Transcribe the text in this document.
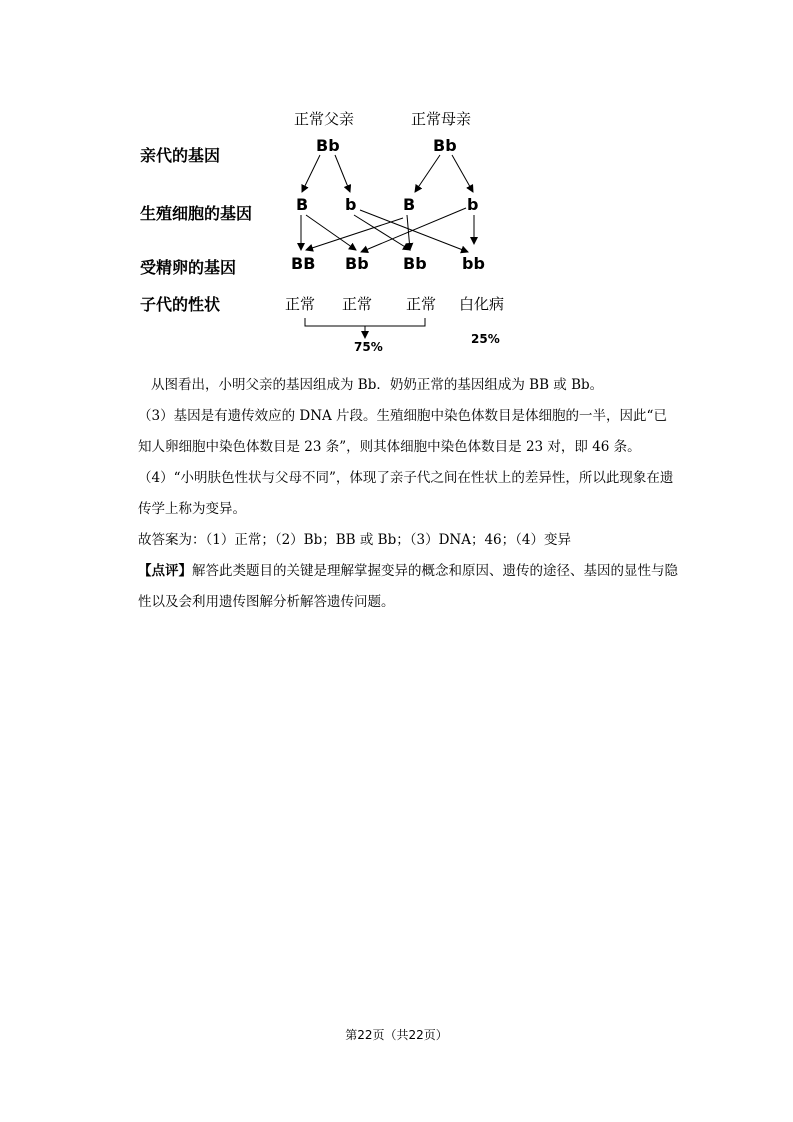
正常父亲	正常母亲
亲代的基因
生殖细胞的基因
受精卵的基因
子代的性状
Bb	Bb
B b	B	b
BB Bb Bb bb
正常 正常 正常 白化病
75%
25%

从图看出，小明父亲的基因组成为 Bb．奶奶正常的基因组成为 BB 或 Bb。

（3）基因是有遗传效应的 DNA 片段。生殖细胞中染色体数目是体细胞的一半，因此“已知人卵细胞中染色体数目是 23 条”，则其体细胞中染色体数目是 23 对，即 46 条。

（4）“小明肤色性状与父母不同”，体现了亲子代之间在性状上的差异性，所以此现象在遗传学上称为变异。

故答案为：（1）正常；（2）Bb；BB 或 Bb；（3）DNA；46；（4）变异

【点评】解答此类题目的关键是理解掌握变异的概念和原因、遗传的途径、基因的显性与隐性以及会利用遗传图解分析解答遗传问题。

第22页（共22页）
